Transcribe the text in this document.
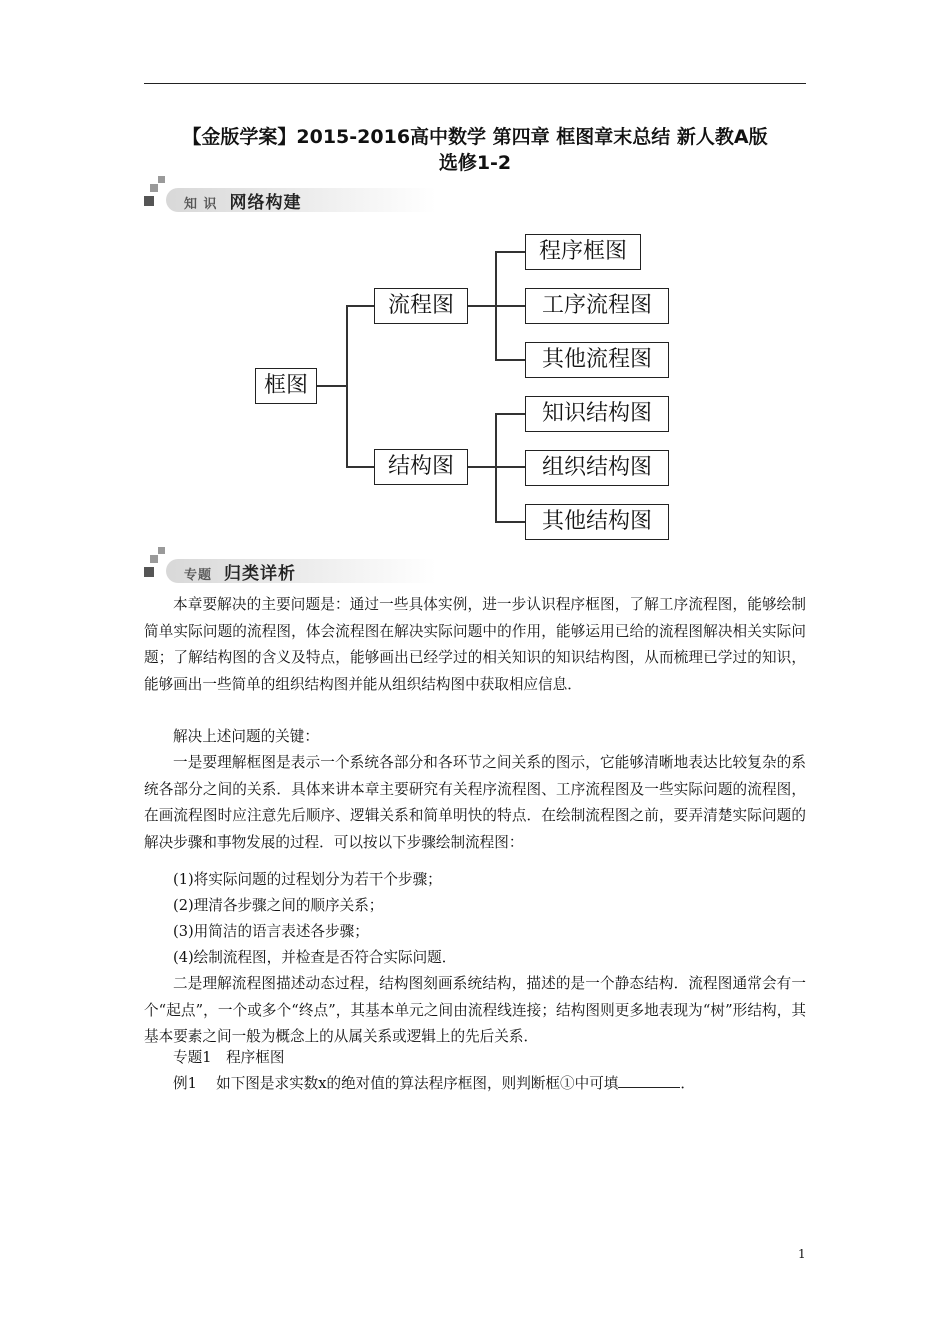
【金版学案】2015-2016高中数学 第四章 框图章末总结 新人教A版
选修1-2
知 识 网络构建
框图
流程图
结构图
程序框图
工序流程图
其他流程图
知识结构图
组织结构图
其他结构图
专题 归类详析
本章要解决的主要问题是：通过一些具体实例，进一步认识程序框图，了解工序流程图，能够绘制简单实际问题的流程图，体会流程图在解决实际问题中的作用，能够运用已给的流程图解决相关实际问题；了解结构图的含义及特点，能够画出已经学过的相关知识的知识结构图，从而梳理已学过的知识，能够画出一些简单的组织结构图并能从组织结构图中获取相应信息．
解决上述问题的关键：
一是要理解框图是表示一个系统各部分和各环节之间关系的图示，它能够清晰地表达比较复杂的系统各部分之间的关系．具体来讲本章主要研究有关程序流程图、工序流程图及一些实际问题的流程图，在画流程图时应注意先后顺序、逻辑关系和简单明快的特点．在绘制流程图之前，要弄清楚实际问题的解决步骤和事物发展的过程．可以按以下步骤绘制流程图：
(1)将实际问题的过程划分为若干个步骤；
(2)理清各步骤之间的顺序关系；
(3)用简洁的语言表述各步骤；
(4)绘制流程图，并检查是否符合实际问题．
二是理解流程图描述动态过程，结构图刻画系统结构，描述的是一个静态结构．流程图通常会有一个“起点”，一个或多个“终点”，其基本单元之间由流程线连接；结构图则更多地表现为“树”形结构，其基本要素之间一般为概念上的从属关系或逻辑上的先后关系．
专题1　程序框图
例1　 如下图是求实数x的绝对值的算法程序框图，则判断框①中可填	．
1
